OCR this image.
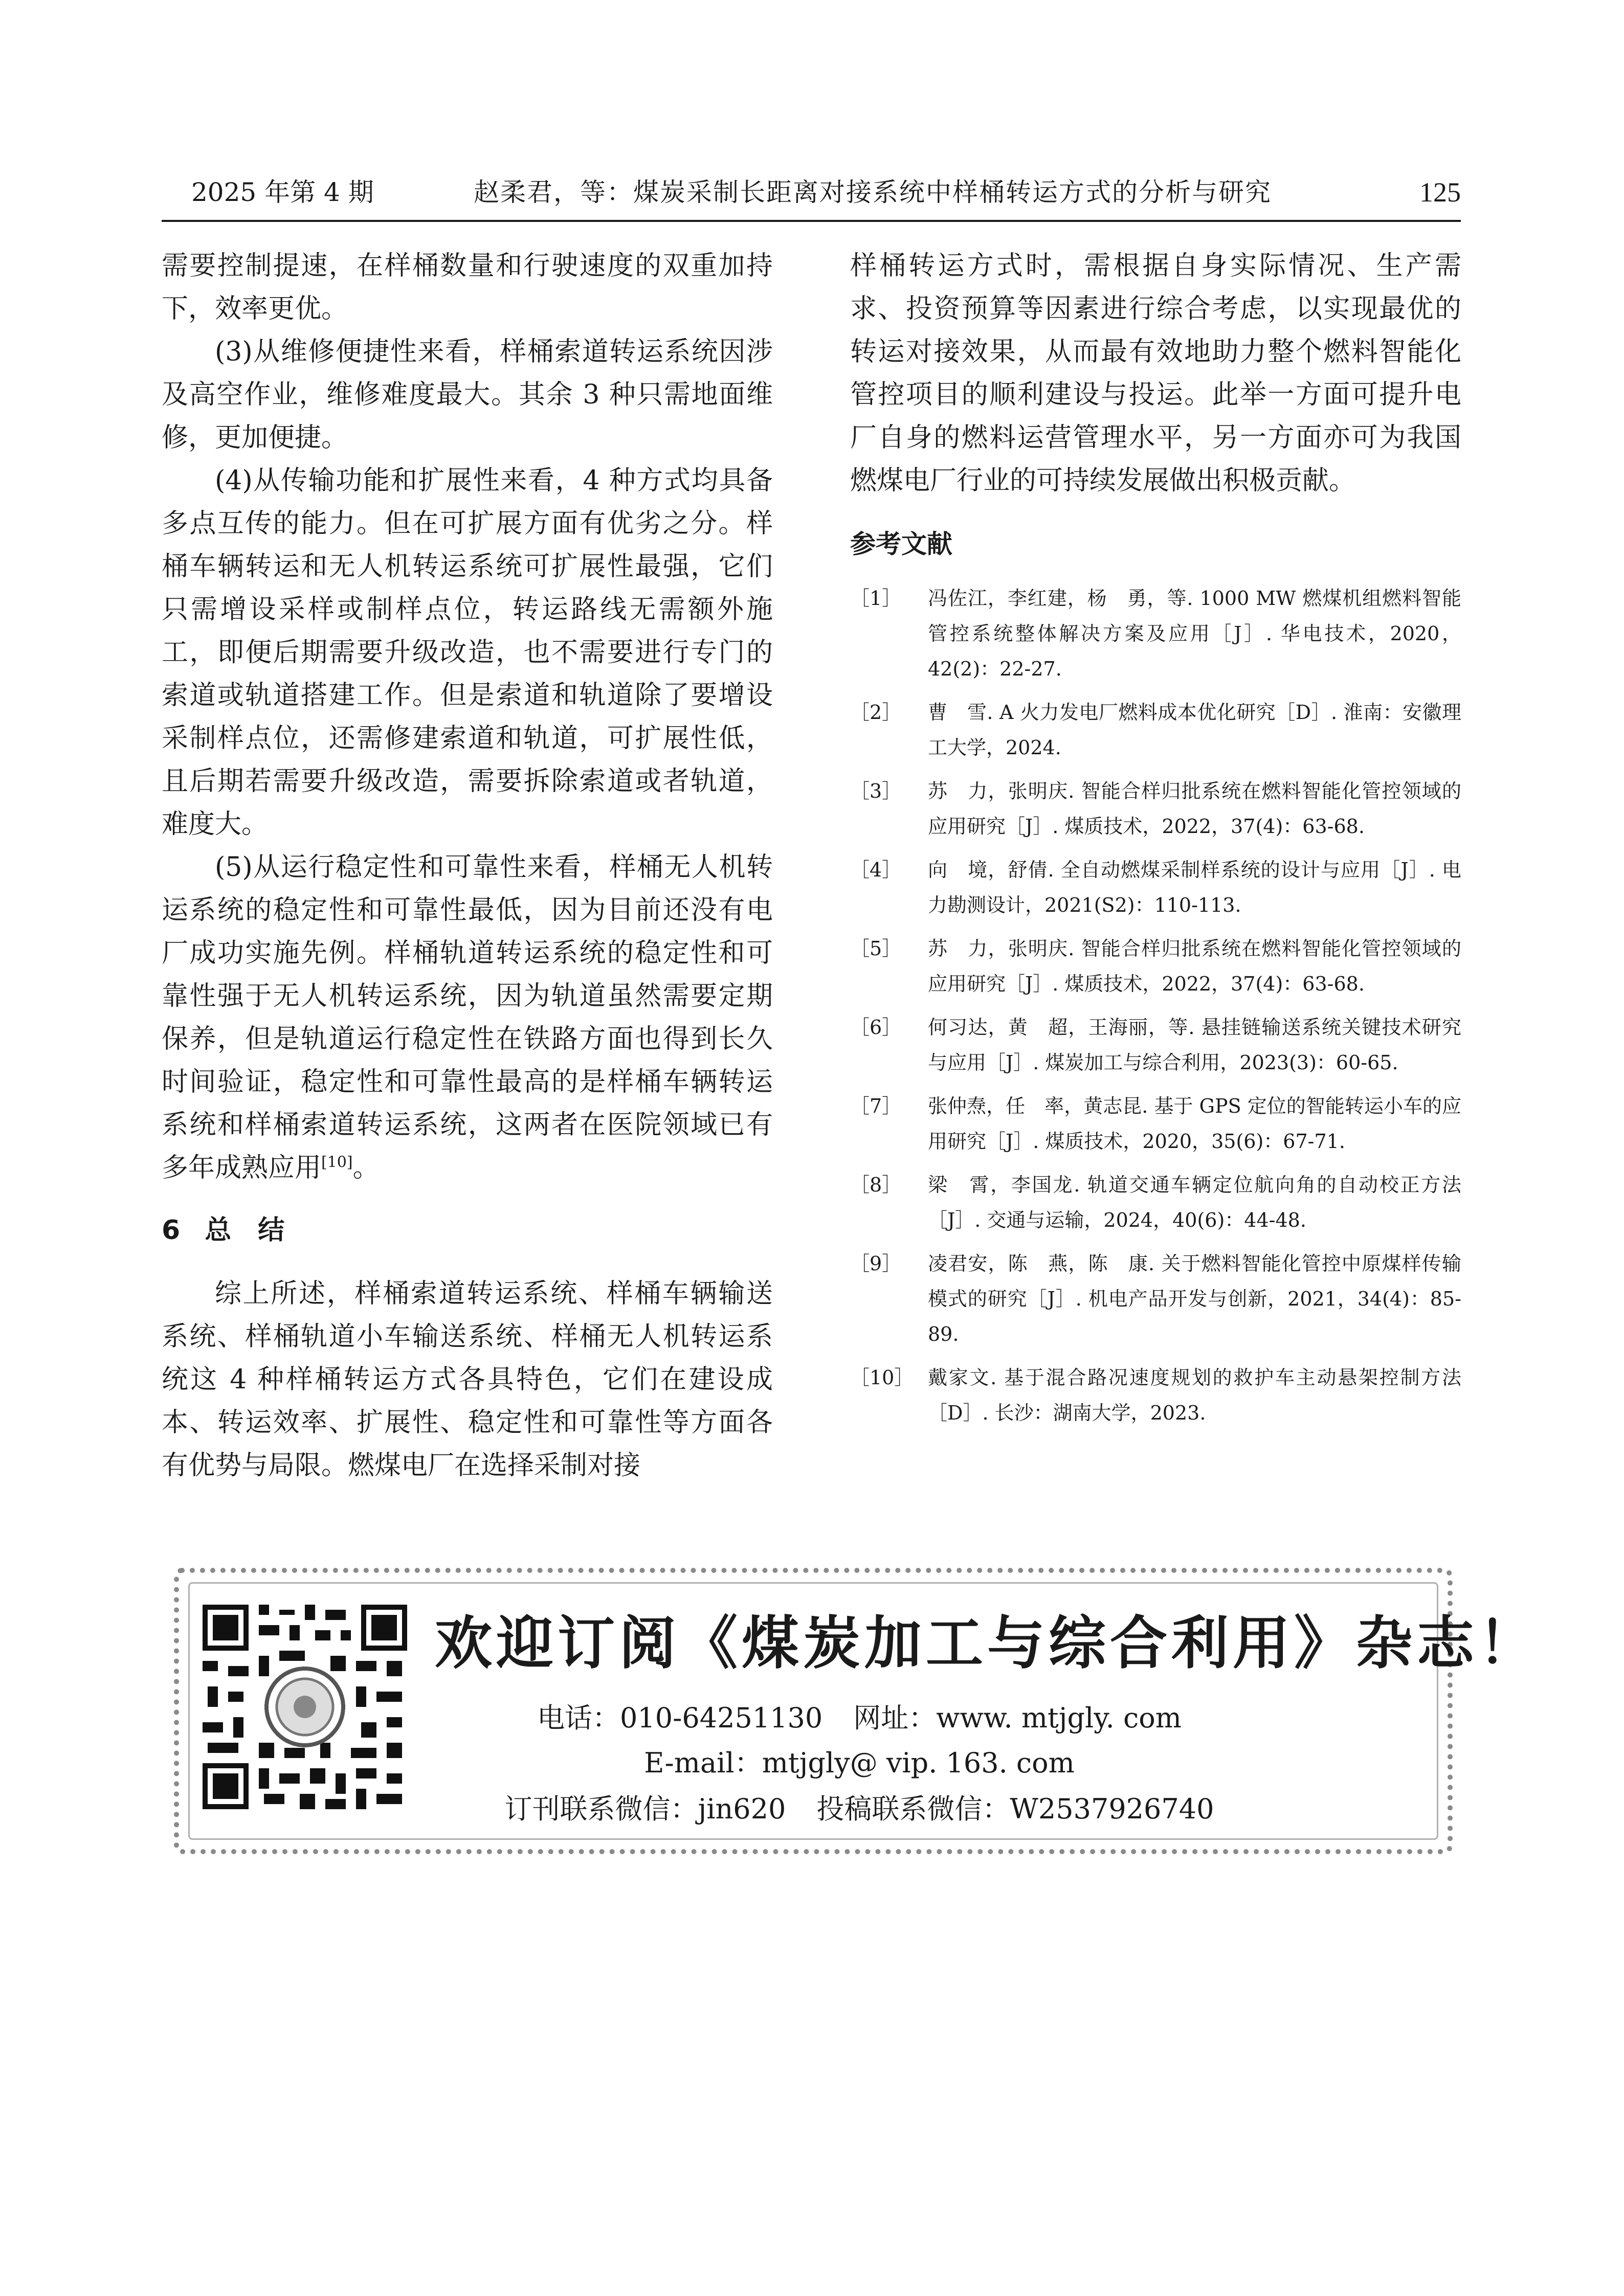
2025 年第 4 期	赵柔君，等：煤炭采制长距离对接系统中样桶转运方式的分析与研究	125

需要控制提速，在样桶数量和行驶速度的双重加持下，效率更优。

(3)从维修便捷性来看，样桶索道转运系统因涉及高空作业，维修难度最大。其余 3 种只需地面维修，更加便捷。

(4)从传输功能和扩展性来看，4 种方式均具备多点互传的能力。但在可扩展方面有优劣之分。样桶车辆转运和无人机转运系统可扩展性最强，它们只需增设采样或制样点位，转运路线无需额外施工，即便后期需要升级改造，也不需要进行专门的索道或轨道搭建工作。但是索道和轨道除了要增设采制样点位，还需修建索道和轨道，可扩展性低，且后期若需要升级改造，需要拆除索道或者轨道，难度大。

(5)从运行稳定性和可靠性来看，样桶无人机转运系统的稳定性和可靠性最低，因为目前还没有电厂成功实施先例。样桶轨道转运系统的稳定性和可靠性强于无人机转运系统，因为轨道虽然需要定期保养，但是轨道运行稳定性在铁路方面也得到长久时间验证，稳定性和可靠性最高的是样桶车辆转运系统和样桶索道转运系统，这两者在医院领域已有多年成熟应用[10]。

6 总　结

综上所述，样桶索道转运系统、样桶车辆输送系统、样桶轨道小车输送系统、样桶无人机转运系统这 4 种样桶转运方式各具特色，它们在建设成本、转运效率、扩展性、稳定性和可靠性等方面各有优势与局限。燃煤电厂在选择采制对接

样桶转运方式时，需根据自身实际情况、生产需求、投资预算等因素进行综合考虑，以实现最优的转运对接效果，从而最有效地助力整个燃料智能化管控项目的顺利建设与投运。此举一方面可提升电厂自身的燃料运营管理水平，另一方面亦可为我国燃煤电厂行业的可持续发展做出积极贡献。

参考文献

［1］ 冯佐江，李红建，杨　勇，等. 1000 MW 燃煤机组燃料智能管控系统整体解决方案及应用［J］. 华电技术，2020，42(2)：22-27.
［2］ 曹　雪. A 火力发电厂燃料成本优化研究［D］. 淮南：安徽理工大学，2024.
［3］ 苏　力，张明庆. 智能合样归批系统在燃料智能化管控领域的应用研究［J］. 煤质技术，2022，37(4)：63-68.
［4］ 向　境，舒倩. 全自动燃煤采制样系统的设计与应用［J］. 电力勘测设计，2021(S2)：110-113.
［5］ 苏　力，张明庆. 智能合样归批系统在燃料智能化管控领域的应用研究［J］. 煤质技术，2022，37(4)：63-68.
［6］ 何习达，黄　超，王海丽，等. 悬挂链输送系统关键技术研究与应用［J］. 煤炭加工与综合利用，2023(3)：60-65.
［7］ 张仲焘，任　率，黄志昆. 基于 GPS 定位的智能转运小车的应用研究［J］. 煤质技术，2020，35(6)：67-71.
［8］ 梁　霄，李国龙. 轨道交通车辆定位航向角的自动校正方法［J］. 交通与运输，2024，40(6)：44-48.
［9］ 凌君安，陈　燕，陈　康. 关于燃料智能化管控中原煤样传输模式的研究［J］. 机电产品开发与创新，2021，34(4)：85-89.
［10］ 戴家文. 基于混合路况速度规划的救护车主动悬架控制方法［D］. 长沙：湖南大学，2023.
欢迎订阅《煤炭加工与综合利用》杂志！
电话：010-64251130 网址：www. mtjgly. com
E-mail：mtjgly@ vip. 163. com
订刊联系微信：jin620 投稿联系微信：W2537926740
